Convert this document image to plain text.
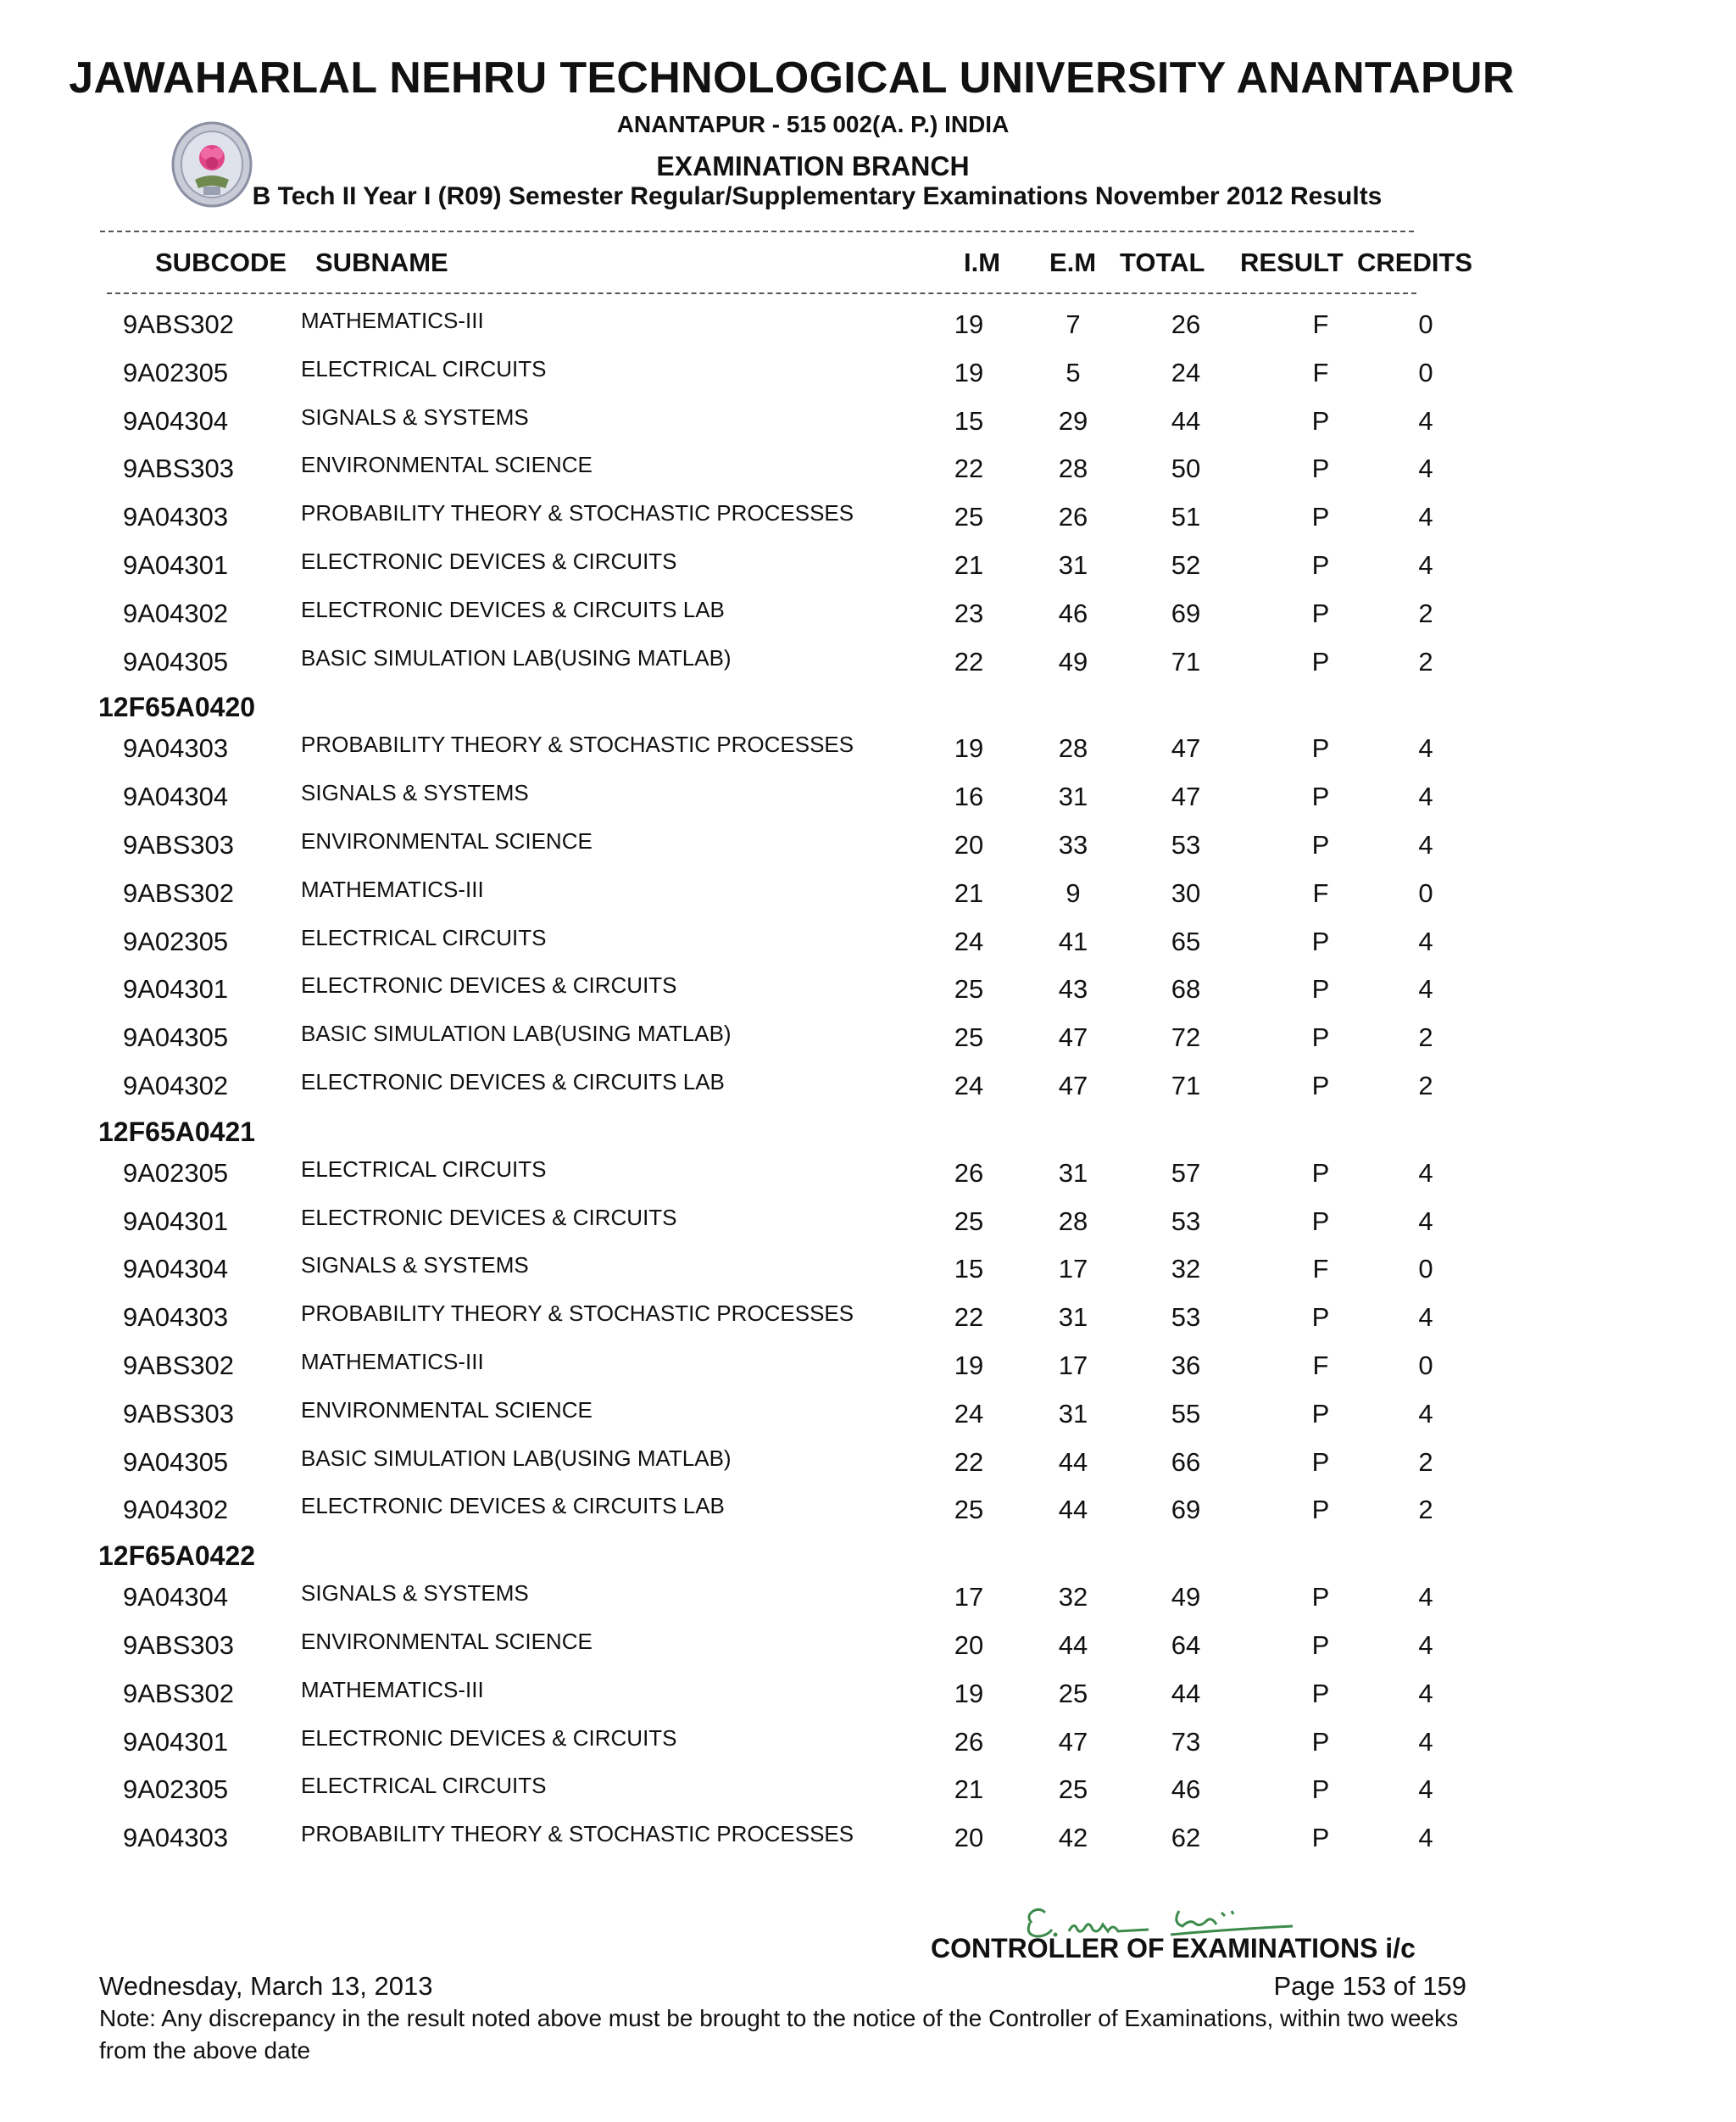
JAWAHARLAL NEHRU TECHNOLOGICAL UNIVERSITY ANANTAPUR
ANANTAPUR - 515 002(A. P.) INDIA
EXAMINATION BRANCH
B Tech II Year I (R09) Semester Regular/Supplementary Examinations November 2012 Results
SUBCODE SUBNAME	I.M E.M TOTAL RESULT CREDITS
9ABS302	MATHEMATICS-III	19	7	26	F	0
9A02305	ELECTRICAL CIRCUITS	19	5	24	F	0
9A04304	SIGNALS & SYSTEMS	15	29	44	P	4
9ABS303	ENVIRONMENTAL SCIENCE	22	28	50	P	4
9A04303	PROBABILITY THEORY & STOCHASTIC PROCESSES	25	26	51	P	4
9A04301	ELECTRONIC DEVICES & CIRCUITS	21	31	52	P	4
9A04302	ELECTRONIC DEVICES & CIRCUITS LAB	23	46	69	P	2
9A04305	BASIC SIMULATION LAB(USING MATLAB)	22	49	71	P	2
12F65A0420
9A04303	PROBABILITY THEORY & STOCHASTIC PROCESSES	19	28	47	P	4
9A04304	SIGNALS & SYSTEMS	16	31	47	P	4
9ABS303	ENVIRONMENTAL SCIENCE	20	33	53	P	4
9ABS302	MATHEMATICS-III	21	9	30	F	0
9A02305	ELECTRICAL CIRCUITS	24	41	65	P	4
9A04301	ELECTRONIC DEVICES & CIRCUITS	25	43	68	P	4
9A04305	BASIC SIMULATION LAB(USING MATLAB)	25	47	72	P	2
9A04302	ELECTRONIC DEVICES & CIRCUITS LAB	24	47	71	P	2
12F65A0421
9A02305	ELECTRICAL CIRCUITS	26	31	57	P	4
9A04301	ELECTRONIC DEVICES & CIRCUITS	25	28	53	P	4
9A04304	SIGNALS & SYSTEMS	15	17	32	F	0
9A04303	PROBABILITY THEORY & STOCHASTIC PROCESSES	22	31	53	P	4
9ABS302	MATHEMATICS-III	19	17	36	F	0
9ABS303	ENVIRONMENTAL SCIENCE	24	31	55	P	4
9A04305	BASIC SIMULATION LAB(USING MATLAB)	22	44	66	P	2
9A04302	ELECTRONIC DEVICES & CIRCUITS LAB	25	44	69	P	2
12F65A0422
9A04304	SIGNALS & SYSTEMS	17	32	49	P	4
9ABS303	ENVIRONMENTAL SCIENCE	20	44	64	P	4
9ABS302	MATHEMATICS-III	19	25	44	P	4
9A04301	ELECTRONIC DEVICES & CIRCUITS	26	47	73	P	4
9A02305	ELECTRICAL CIRCUITS	21	25	46	P	4
9A04303	PROBABILITY THEORY & STOCHASTIC PROCESSES	20	42	62	P	4
CONTROLLER OF EXAMINATIONS i/c
Wednesday, March 13, 2013	Page 153 of 159
Note: Any discrepancy in the result noted above must be brought to the notice of the Controller of Examinations, within two weeks from the above date
